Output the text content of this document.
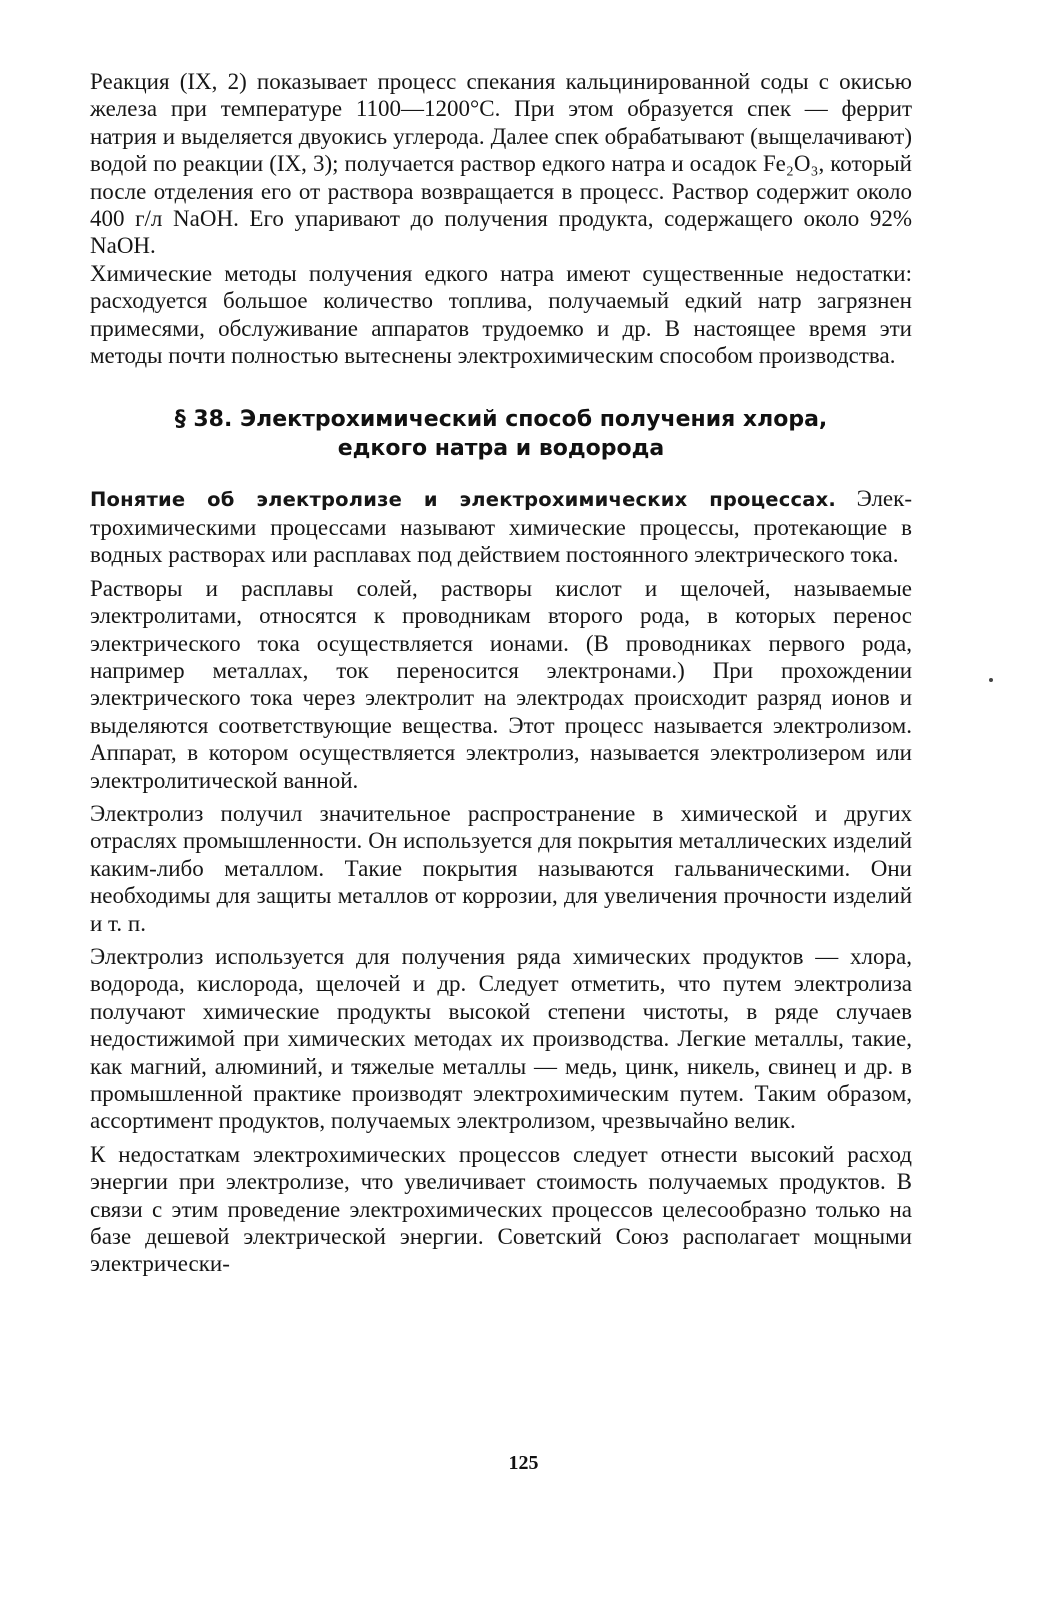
Реакция (IX, 2) показывает процесс спекания кальцинированной соды с окисью железа при температуре 1100—1200°C. При этом образуется спек — феррит натрия и выделяется двуокись углерода. Далее спек обрабатывают (выщелачивают) водой по реакции (IX, 3); получается раствор едкого натра и осадок Fe₂O₃, который после отделения его от раствора возвращается в процесс. Раствор содержит около 400 г/л NaOH. Его упаривают до получения продукта, содержащего около 92% NaOH.

Химические методы получения едкого натра имеют существенные недостатки: расходуется большое количество топлива, получаемый едкий натр загрязнен примесями, обслуживание аппаратов трудоемко и др. В настоящее время эти методы почти полностью вытеснены электрохимическим способом производства.

§ 38. Электрохимический способ получения хлора,
едкого натра и водорода

Понятие об электролизе и электрохимических процессах. Электрохимическими процессами называют химические процессы, протекающие в водных растворах или расплавах под действием постоянного электрического тока.

Растворы и расплавы солей, растворы кислот и щелочей, называемые электролитами, относятся к проводникам второго рода, в которых перенос электрического тока осуществляется ионами. (В проводниках первого рода, например металлах, ток переносится электронами.) При прохождении электрического тока через электролит на электродах происходит разряд ионов и выделяются соответствующие вещества. Этот процесс называется электролизом. Аппарат, в котором осуществляется электролиз, называется электролизером или электролитической ванной.

Электролиз получил значительное распространение в химической и других отраслях промышленности. Он используется для покрытия металлических изделий каким-либо металлом. Такие покрытия называются гальваническими. Они необходимы для защиты металлов от коррозии, для увеличения прочности изделий и т. п.

Электролиз используется для получения ряда химических продуктов — хлора, водорода, кислорода, щелочей и др. Следует отметить, что путем электролиза получают химические продукты высокой степени чистоты, в ряде случаев недостижимой при химических методах их производства. Легкие металлы, такие, как магний, алюминий, и тяжелые металлы — медь, цинк, никель, свинец и др. в промышленной практике производят электрохимическим путем. Таким образом, ассортимент продуктов, получаемых электролизом, чрезвычайно велик.

К недостаткам электрохимических процессов следует отнести высокий расход энергии при электролизе, что увеличивает стоимость получаемых продуктов. В связи с этим проведение электрохимических процессов целесообразно только на базе дешевой электрической энергии. Советский Союз располагает мощными электрически-

125
